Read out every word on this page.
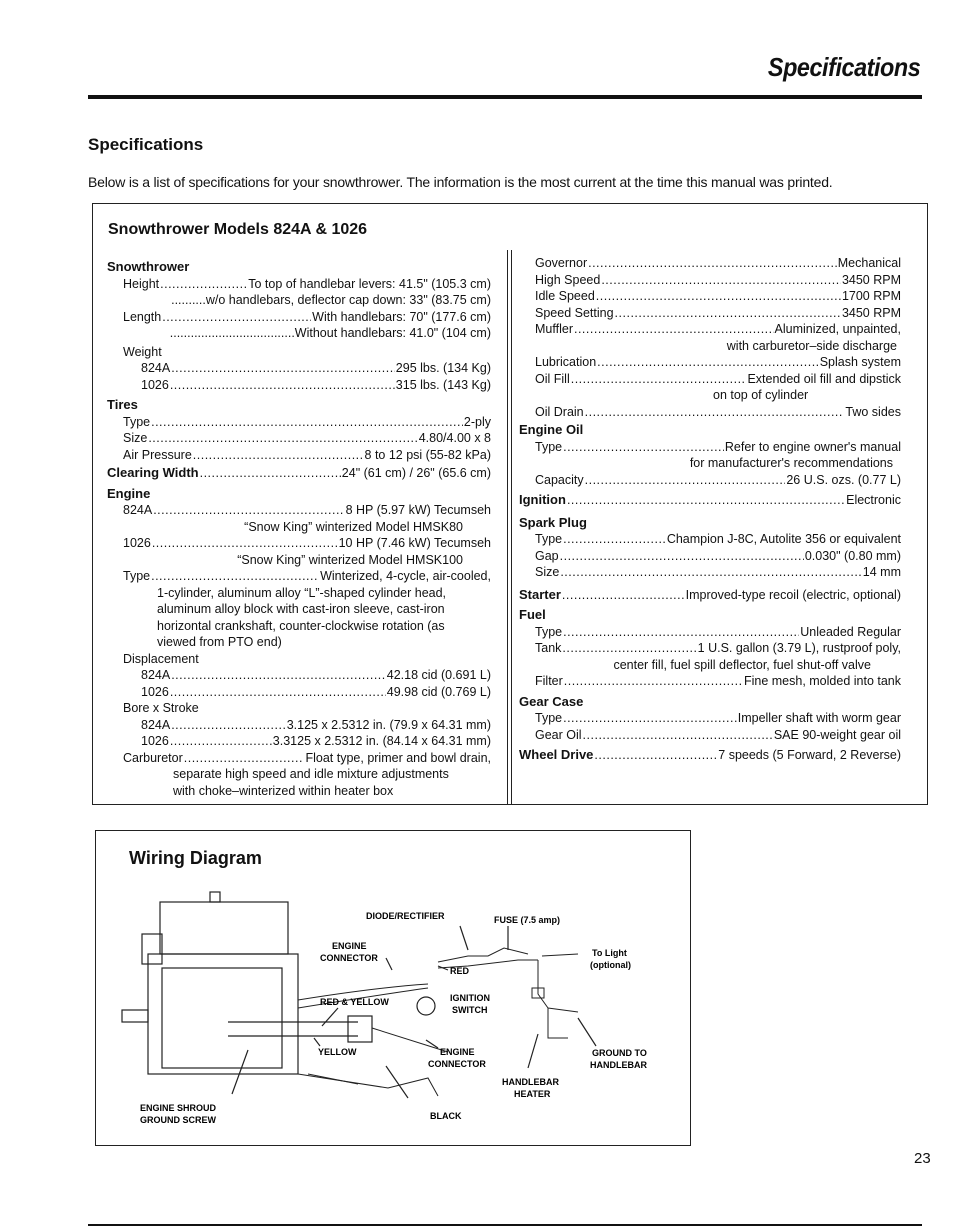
Specifications
Specifications
Below is a list of specifications for your snowthrower. The information is the most current at the time this manual was printed.
Snowthrower Models 824A & 1026
Snowthrower
Height .....	To top of handlebar levers: 41.5" (105.3 cm)
..........w/o handlebars, deflector cap down: 33" (83.75 cm)
Length .....	With handlebars: 70" (177.6 cm)
....................................Without handlebars: 41.0" (104 cm)
Weight
824A .....	295 lbs. (134 Kg)
1026 .....	315 lbs. (143 Kg)
Tires
Type .....	2-ply
Size .....	4.80/4.00 x 8
Air Pressure .....	8 to 12 psi (55-82 kPa)
Clearing Width .....	24" (61 cm) / 26" (65.6 cm)
Engine
824A .....	8 HP (5.97 kW) Tecumseh
“Snow King” winterized Model HMSK80
1026 .....	10 HP (7.46 kW) Tecumseh
“Snow King” winterized Model HMSK100
Type .....	Winterized, 4-cycle, air-cooled,
1-cylinder, aluminum alloy “L”-shaped cylinder head,
aluminum alloy block with cast-iron sleeve, cast-iron
horizontal crankshaft, counter-clockwise rotation (as
viewed from PTO end)
Displacement
824A .....	42.18 cid (0.691 L)
1026 .....	49.98 cid (0.769 L)
Bore x Stroke
824A .....	3.125 x 2.5312 in. (79.9 x 64.31 mm)
1026 .....	3.3125 x 2.5312 in. (84.14 x 64.31 mm)
Carburetor .....	Float type, primer and bowl drain,
separate high speed and idle mixture adjustments
with choke–winterized within heater box
Governor .....	Mechanical
High Speed .....	3450 RPM
Idle Speed .....	1700 RPM
Speed Setting .....	3450 RPM
Muffler .....	Aluminized, unpainted,
with carburetor–side discharge
Lubrication .....	Splash system
Oil Fill .....	Extended oil fill and dipstick
on top of cylinder
Oil Drain .....	Two sides
Engine Oil
Type .....	Refer to engine owner's manual
for manufacturer's recommendations
Capacity .....	26 U.S. ozs. (0.77 L)
Ignition .....	Electronic
Spark Plug
Type .....	Champion J-8C, Autolite 356 or equivalent
Gap .....	0.030" (0.80 mm)
Size .....	14 mm
Starter .....	Improved-type recoil (electric, optional)
Fuel
Type .....	Unleaded Regular
Tank .....	1 U.S. gallon (3.79 L), rustproof poly,
center fill, fuel spill deflector, fuel shut-off valve
Filter .....	Fine mesh, molded into tank
Gear Case
Type .....	Impeller shaft with worm gear
Gear Oil .....	SAE 90-weight gear oil
Wheel Drive .....	7 speeds (5 Forward, 2 Reverse)
Wiring Diagram
DIODE/RECTIFIER	FUSE (7.5 amp)
ENGINE
CONNECTOR	To Light
(optional)
RED
RED & YELLOW	IGNITION
SWITCH
YELLOW	ENGINE
CONNECTOR
GROUND TO
HANDLEBAR
HANDLEBAR
HEATER
ENGINE SHROUD
GROUND SCREW	BLACK
23
